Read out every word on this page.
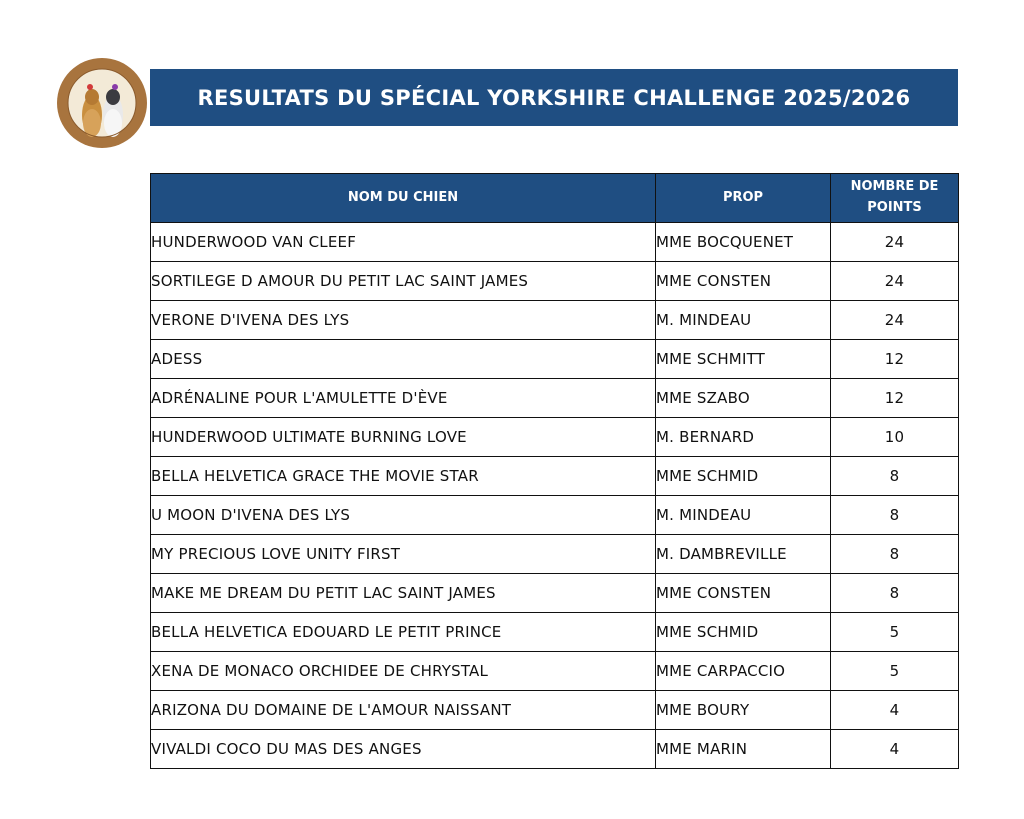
RESULTATS DU SPÉCIAL YORKSHIRE CHALLENGE 2025/2026
NOM DU CHIEN	PROP	NOMBRE DE
POINTS

HUNDERWOOD VAN CLEEF	MME BOCQUENET	24
SORTILEGE D AMOUR DU PETIT LAC SAINT JAMES	MME CONSTEN	24
VERONE D'IVENA DES LYS	M. MINDEAU	24
ADESS	MME SCHMITT	12
ADRÉNALINE POUR L'AMULETTE D'ÈVE	MME SZABO	12
HUNDERWOOD ULTIMATE BURNING LOVE	M. BERNARD	10
BELLA HELVETICA GRACE THE MOVIE STAR	MME SCHMID	8
U MOON D'IVENA DES LYS	M. MINDEAU	8
MY PRECIOUS LOVE UNITY FIRST	M. DAMBREVILLE	8
MAKE ME DREAM DU PETIT LAC SAINT JAMES	MME CONSTEN	8
BELLA HELVETICA EDOUARD LE PETIT PRINCE	MME SCHMID	5
XENA DE MONACO ORCHIDEE DE CHRYSTAL	MME CARPACCIO	5
ARIZONA DU DOMAINE DE L'AMOUR NAISSANT	MME BOURY	4
VIVALDI COCO DU MAS DES ANGES	MME MARIN	4
